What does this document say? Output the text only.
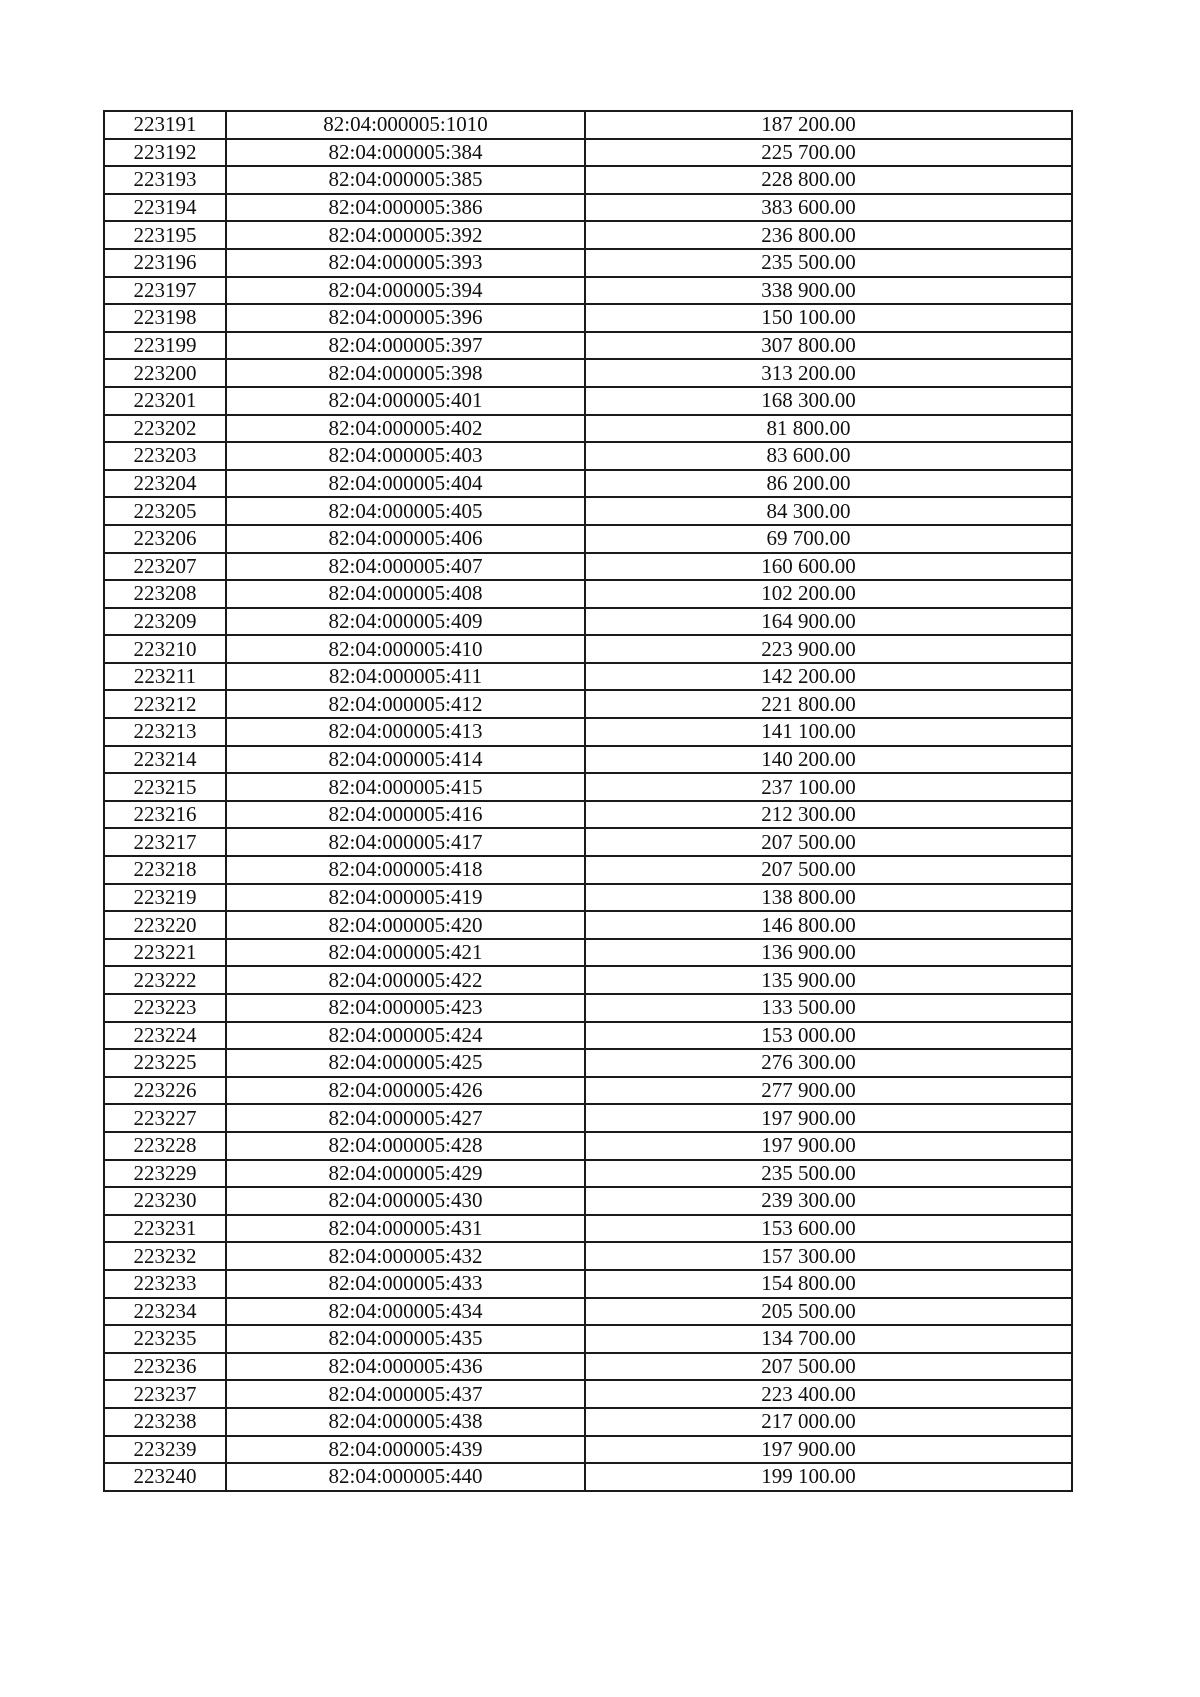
223191	82:04:000005:1010	187 200.00
223192	82:04:000005:384	225 700.00
223193	82:04:000005:385	228 800.00
223194	82:04:000005:386	383 600.00
223195	82:04:000005:392	236 800.00
223196	82:04:000005:393	235 500.00
223197	82:04:000005:394	338 900.00
223198	82:04:000005:396	150 100.00
223199	82:04:000005:397	307 800.00
223200	82:04:000005:398	313 200.00
223201	82:04:000005:401	168 300.00
223202	82:04:000005:402	81 800.00
223203	82:04:000005:403	83 600.00
223204	82:04:000005:404	86 200.00
223205	82:04:000005:405	84 300.00
223206	82:04:000005:406	69 700.00
223207	82:04:000005:407	160 600.00
223208	82:04:000005:408	102 200.00
223209	82:04:000005:409	164 900.00
223210	82:04:000005:410	223 900.00
223211	82:04:000005:411	142 200.00
223212	82:04:000005:412	221 800.00
223213	82:04:000005:413	141 100.00
223214	82:04:000005:414	140 200.00
223215	82:04:000005:415	237 100.00
223216	82:04:000005:416	212 300.00
223217	82:04:000005:417	207 500.00
223218	82:04:000005:418	207 500.00
223219	82:04:000005:419	138 800.00
223220	82:04:000005:420	146 800.00
223221	82:04:000005:421	136 900.00
223222	82:04:000005:422	135 900.00
223223	82:04:000005:423	133 500.00
223224	82:04:000005:424	153 000.00
223225	82:04:000005:425	276 300.00
223226	82:04:000005:426	277 900.00
223227	82:04:000005:427	197 900.00
223228	82:04:000005:428	197 900.00
223229	82:04:000005:429	235 500.00
223230	82:04:000005:430	239 300.00
223231	82:04:000005:431	153 600.00
223232	82:04:000005:432	157 300.00
223233	82:04:000005:433	154 800.00
223234	82:04:000005:434	205 500.00
223235	82:04:000005:435	134 700.00
223236	82:04:000005:436	207 500.00
223237	82:04:000005:437	223 400.00
223238	82:04:000005:438	217 000.00
223239	82:04:000005:439	197 900.00
223240	82:04:000005:440	199 100.00
